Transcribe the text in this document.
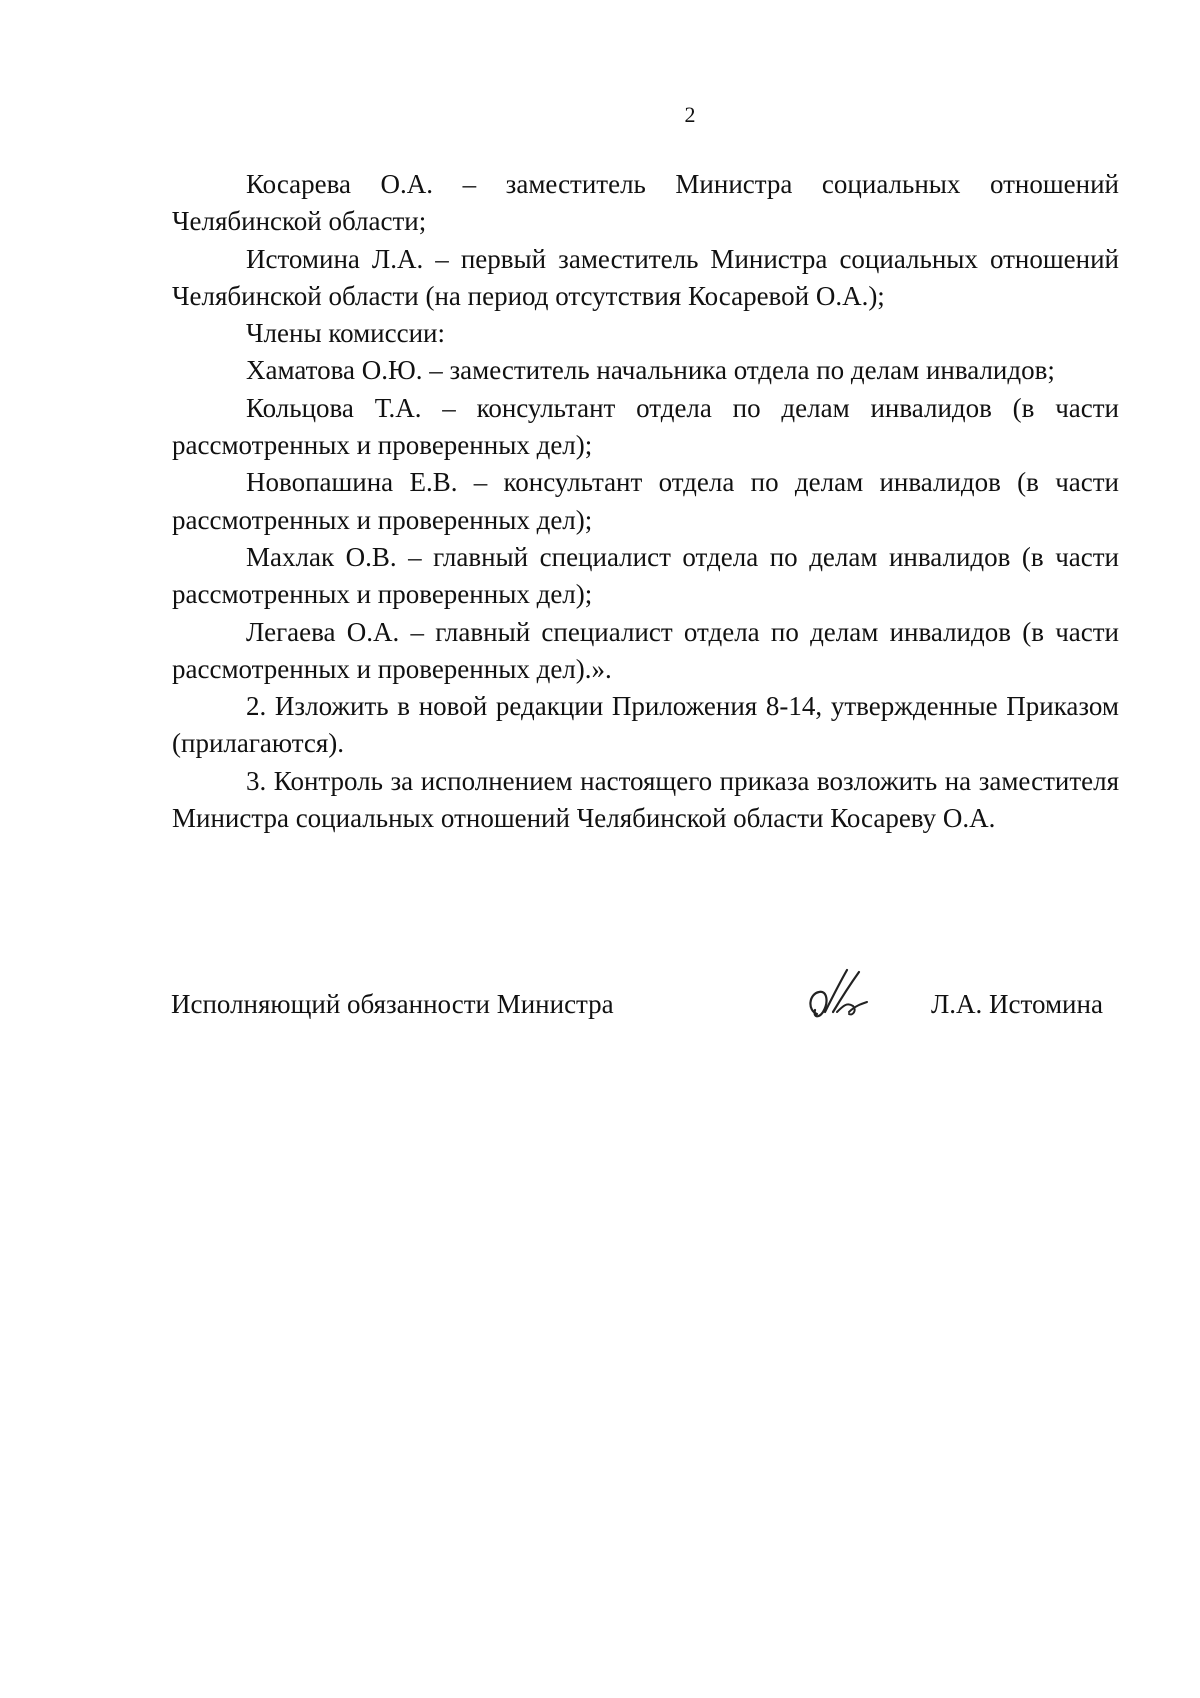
2

Косарева О.А. – заместитель Министра социальных отношений Челябинской области;

Истомина Л.А. – первый заместитель Министра социальных отношений Челябинской области (на период отсутствия Косаревой О.А.);

Члены комиссии:

Хаматова О.Ю. – заместитель начальника отдела по делам инвалидов;

Кольцова Т.А. – консультант отдела по делам инвалидов (в части рассмотренных и проверенных дел);

Новопашина Е.В. – консультант отдела по делам инвалидов (в части рассмотренных и проверенных дел);

Махлак О.В. – главный специалист отдела по делам инвалидов (в части рассмотренных и проверенных дел);

Легаева О.А. – главный специалист отдела по делам инвалидов (в части рассмотренных и проверенных дел).».

2. Изложить в новой редакции Приложения 8-14, утвержденные Приказом (прилагаются).

3. Контроль за исполнением настоящего приказа возложить на заместителя Министра социальных отношений Челябинской области Косареву О.А.

Исполняющий обязанности Министра	Л.А. Истомина
